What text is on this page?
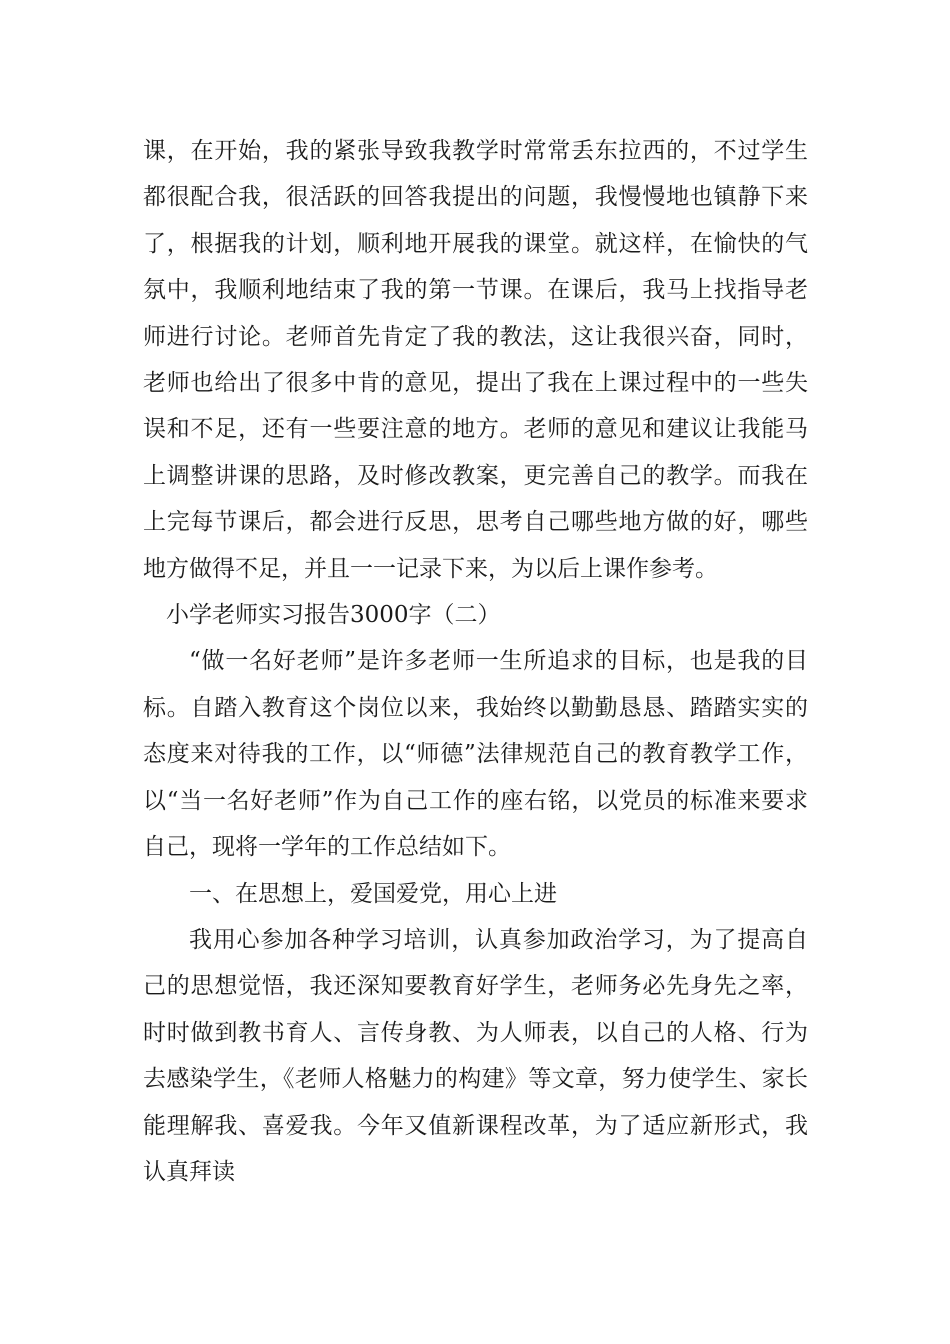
课，在开始，我的紧张导致我教学时常常丢东拉西的，不过学生都很配合我，很活跃的回答我提出的问题，我慢慢地也镇静下来了，根据我的计划，顺利地开展我的课堂。就这样，在愉快的气氛中，我顺利地结束了我的第一节课。在课后，我马上找指导老师进行讨论。老师首先肯定了我的教法，这让我很兴奋，同时，老师也给出了很多中肯的意见，提出了我在上课过程中的一些失误和不足，还有一些要注意的地方。老师的意见和建议让我能马上调整讲课的思路，及时修改教案，更完善自己的教学。而我在上完每节课后，都会进行反思，思考自己哪些地方做的好，哪些地方做得不足，并且一一记录下来，为以后上课作参考。

小学老师实习报告3000字（二）

“做一名好老师”是许多老师一生所追求的目标，也是我的目标。自踏入教育这个岗位以来，我始终以勤勤恳恳、踏踏实实的态度来对待我的工作，以“师德”法律规范自己的教育教学工作，以“当一名好老师”作为自己工作的座右铭，以党员的标准来要求自己，现将一学年的工作总结如下。

一、在思想上，爱国爱党，用心上进

我用心参加各种学习培训，认真参加政治学习，为了提高自己的思想觉悟，我还深知要教育好学生，老师务必先身先之率，时时做到教书育人、言传身教、为人师表，以自己的人格、行为去感染学生，《老师人格魅力的构建》等文章，努力使学生、家长能理解我、喜爱我。今年又值新课程改革，为了适应新形式，我认真拜读
